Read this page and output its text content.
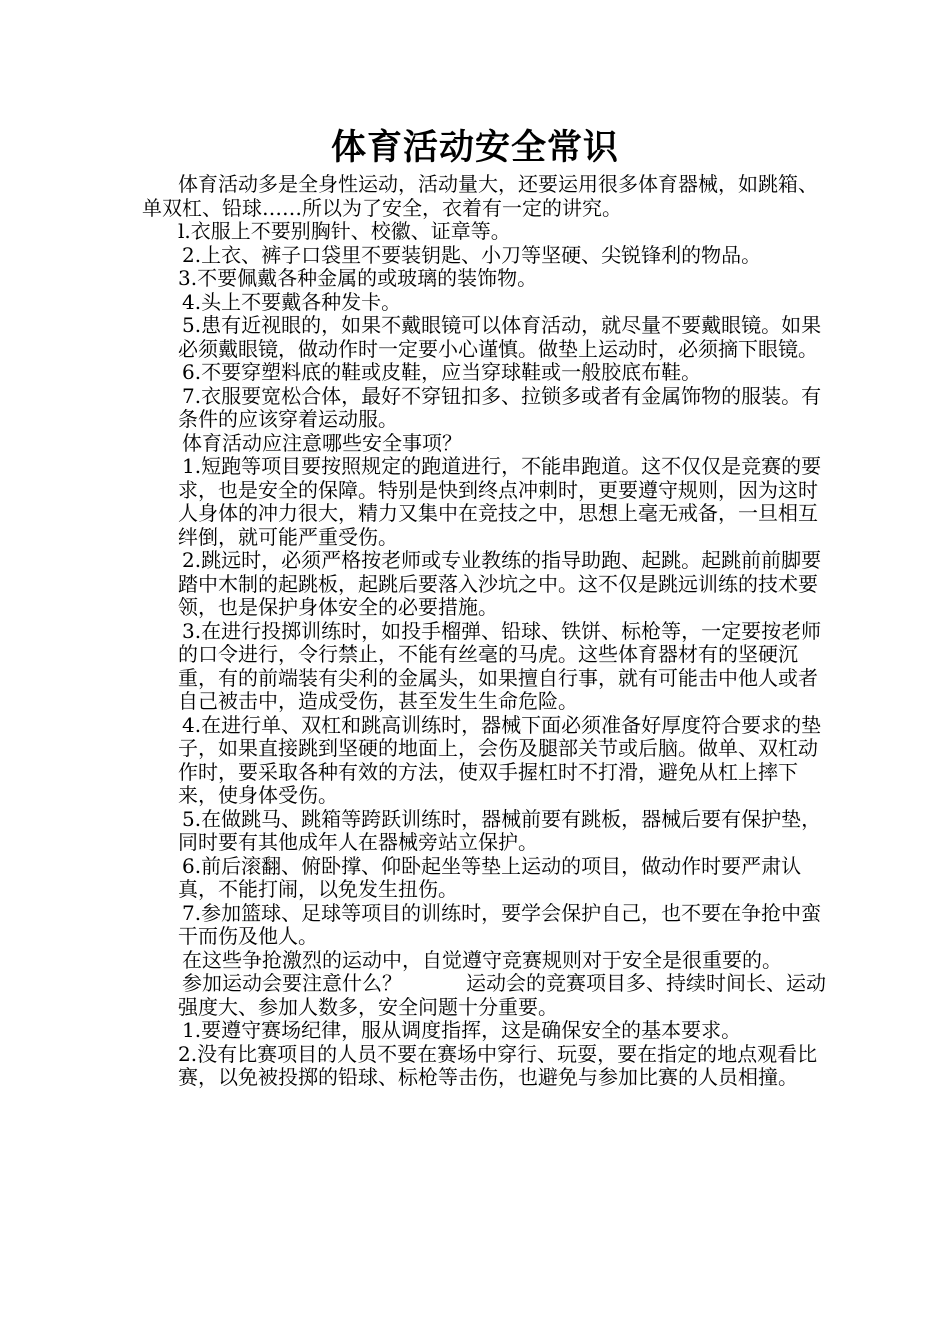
体育活动安全常识

体育活动多是全身性运动，活动量大，还要运用很多体育器械，如跳箱、单双杠、铅球……所以为了安全，衣着有一定的讲究。

l.衣服上不要别胸针、校徽、证章等。

2.上衣、裤子口袋里不要装钥匙、小刀等坚硬、尖锐锋利的物品。

3.不要佩戴各种金属的或玻璃的装饰物。

4.头上不要戴各种发卡。

5.患有近视眼的，如果不戴眼镜可以体育活动，就尽量不要戴眼镜。如果必须戴眼镜，做动作时一定要小心谨慎。做垫上运动时，必须摘下眼镜。

6.不要穿塑料底的鞋或皮鞋，应当穿球鞋或一般胶底布鞋。

7.衣服要宽松合体，最好不穿钮扣多、拉锁多或者有金属饰物的服装。有条件的应该穿着运动服。

体育活动应注意哪些安全事项？

1.短跑等项目要按照规定的跑道进行，不能串跑道。这不仅仅是竞赛的要求，也是安全的保障。特别是快到终点冲刺时，更要遵守规则，因为这时人身体的冲力很大，精力又集中在竞技之中，思想上毫无戒备，一旦相互绊倒，就可能严重受伤。

2.跳远时，必须严格按老师或专业教练的指导助跑、起跳。起跳前前脚要踏中木制的起跳板，起跳后要落入沙坑之中。这不仅是跳远训练的技术要领，也是保护身体安全的必要措施。

3.在进行投掷训练时，如投手榴弹、铅球、铁饼、标枪等，一定要按老师的口令进行，令行禁止，不能有丝毫的马虎。这些体育器材有的坚硬沉重，有的前端装有尖利的金属头，如果擅自行事，就有可能击中他人或者自己被击中，造成受伤，甚至发生生命危险。

4.在进行单、双杠和跳高训练时，器械下面必须准备好厚度符合要求的垫子，如果直接跳到坚硬的地面上，会伤及腿部关节或后脑。做单、双杠动作时，要采取各种有效的方法，使双手握杠时不打滑，避免从杠上摔下来，使身体受伤。

5.在做跳马、跳箱等跨跃训练时，器械前要有跳板，器械后要有保护垫，同时要有其他成年人在器械旁站立保护。

6.前后滚翻、俯卧撑、仰卧起坐等垫上运动的项目，做动作时要严肃认真，不能打闹，以免发生扭伤。

7.参加篮球、足球等项目的训练时，要学会保护自己，也不要在争抢中蛮干而伤及他人。

在这些争抢激烈的运动中，自觉遵守竞赛规则对于安全是很重要的。

参加运动会要注意什么？	运动会的竞赛项目多、持续时间长、运动强度大、参加人数多，安全问题十分重要。

1.要遵守赛场纪律，服从调度指挥，这是确保安全的基本要求。

2.没有比赛项目的人员不要在赛场中穿行、玩耍，要在指定的地点观看比赛，以免被投掷的铅球、标枪等击伤，也避免与参加比赛的人员相撞。
